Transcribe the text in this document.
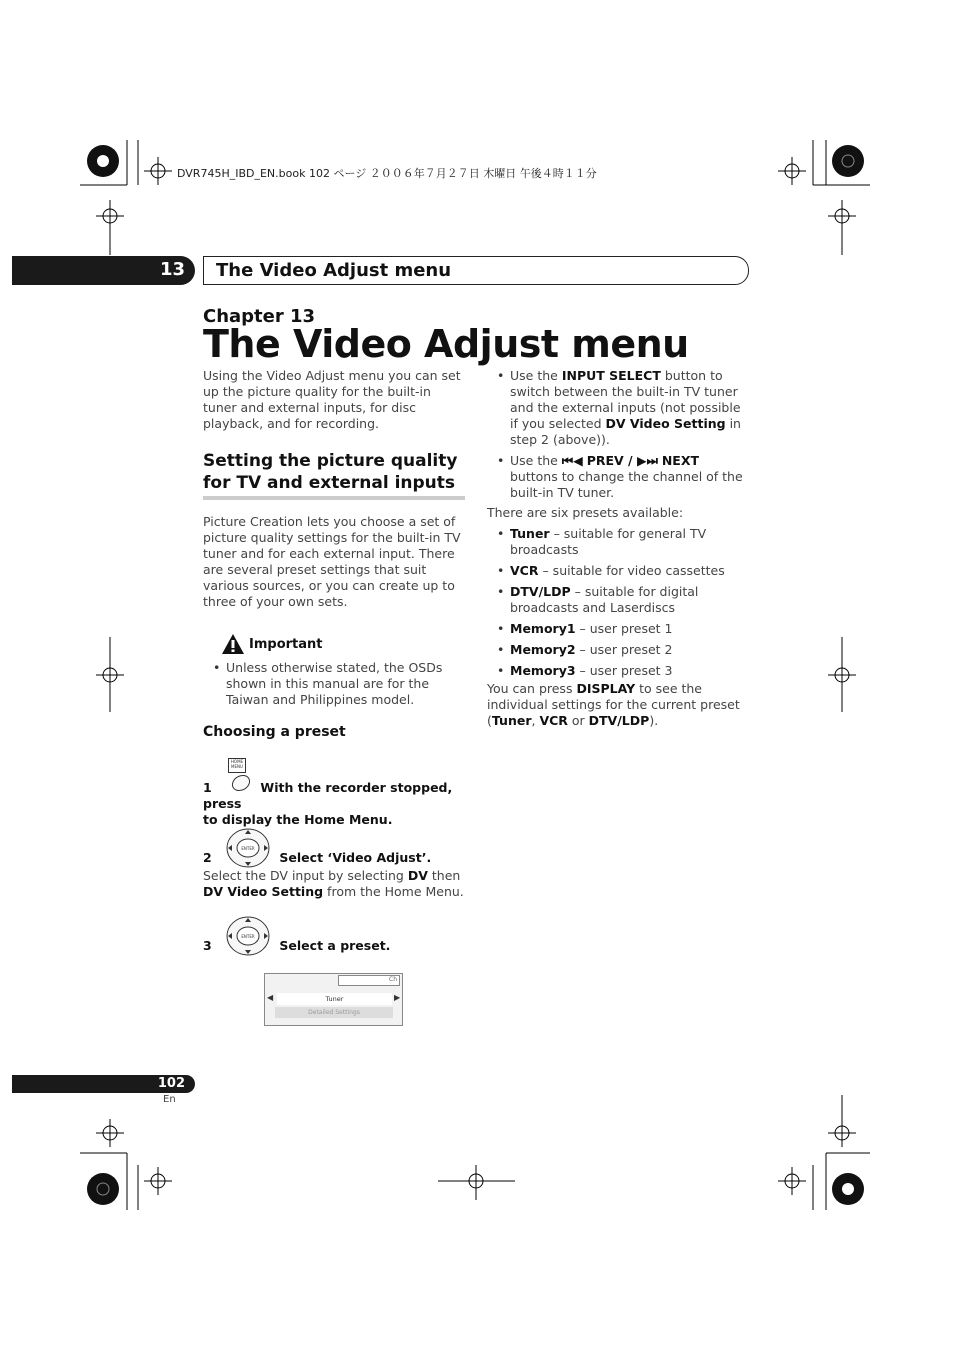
DVR745H_IBD_EN.book 102 ページ ２００６年７月２７日 木曜日 午後４時１１分
13 The Video Adjust menu
Chapter 13
The Video Adjust menu
Using the Video Adjust menu you can set up the picture quality for the built-in tuner and external inputs, for disc playback, and for recording.
Setting the picture quality
for TV and external inputs
Picture Creation lets you choose a set of picture quality settings for the built-in TV tuner and for each external input. There are several preset settings that suit various sources, or you can create up to three of your own sets.
Important
• Unless otherwise stated, the OSDs shown in this manual are for the Taiwan and Philippines model.
Choosing a preset
HOME MENU
1	With the recorder stopped, press
to display the Home Menu.
ENTER
2	Select ‘Video Adjust’.
Select the DV input by selecting DV then DV Video Setting from the Home Menu.
ENTER
3	Select a preset.
Ch
◀	Tuner	▶
Detailed Settings
• Use the INPUT SELECT button to switch between the built-in TV tuner and the external inputs (not possible if you selected DV Video Setting in step 2 (above)).
• Use the ⏮◀ PREV / ▶⏭ NEXT buttons to change the channel of the built-in TV tuner.
There are six presets available:
• Tuner – suitable for general TV broadcasts
• VCR – suitable for video cassettes
• DTV/LDP – suitable for digital broadcasts and Laserdiscs
• Memory1 – user preset 1
• Memory2 – user preset 2
• Memory3 – user preset 3
You can press DISPLAY to see the individual settings for the current preset (Tuner, VCR or DTV/LDP).
102
En
